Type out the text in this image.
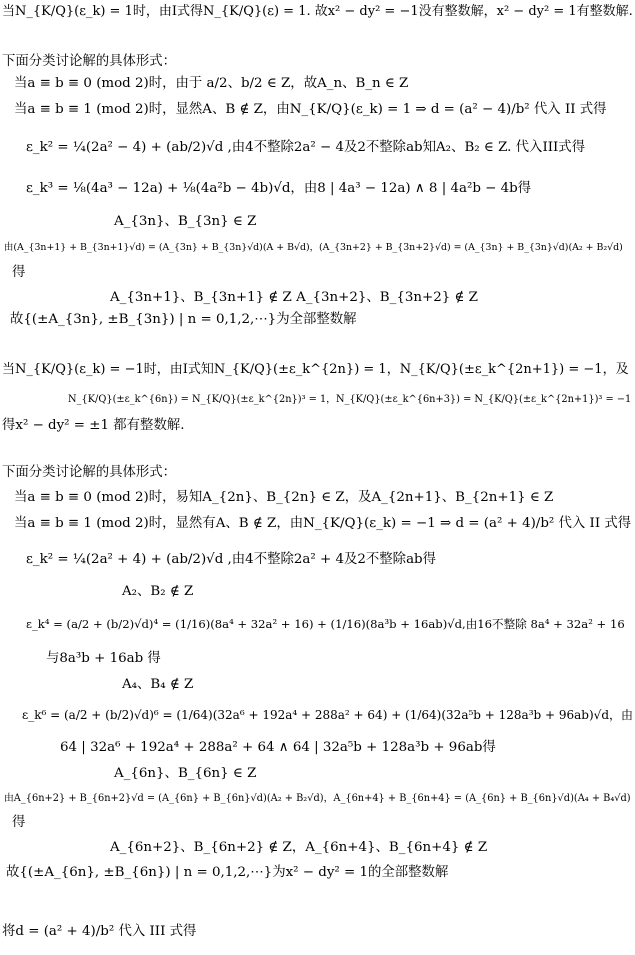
当N_{K/Q}(ε_k) = 1时，由I式得N_{K/Q}(ε) = 1. 故x² − dy² = −1没有整数解，x² − dy² = 1有整数解.
下面分类讨论解的具体形式：
当a ≡ b ≡ 0 (mod 2)时，由于 a/2、b/2 ∈ Z，故A_n、B_n ∈ Z
当a ≡ b ≡ 1 (mod 2)时，显然A、B ∉ Z，由N_{K/Q}(ε_k) = 1 ⇒ d = (a² − 4)/b² 代入 II 式得
ε_k² = ¼(2a² − 4) + (ab/2)√d ,由4不整除2a² − 4及2不整除ab知A₂、B₂ ∈ Z. 代入III式得
ε_k³ = ⅛(4a³ − 12a) + ⅛(4a²b − 4b)√d，由8 | 4a³ − 12a) ∧ 8 | 4a²b − 4b得
A_{3n}、B_{3n} ∈ Z
由(A_{3n+1} + B_{3n+1}√d) = (A_{3n} + B_{3n}√d)(A + B√d)，(A_{3n+2} + B_{3n+2}√d) = (A_{3n} + B_{3n}√d)(A₂ + B₂√d)
得
A_{3n+1}、B_{3n+1} ∉ Z A_{3n+2}、B_{3n+2} ∉ Z
故{(±A_{3n}, ±B_{3n}) | n = 0,1,2,⋯}为全部整数解
当N_{K/Q}(ε_k) = −1时，由I式知N_{K/Q}(±ε_k^{2n}) = 1，N_{K/Q}(±ε_k^{2n+1}) = −1，及
N_{K/Q}(±ε_k^{6n}) = N_{K/Q}(±ε_k^{2n})³ = 1，N_{K/Q}(±ε_k^{6n+3}) = N_{K/Q}(±ε_k^{2n+1})³ = −1
得x² − dy² = ±1 都有整数解.
下面分类讨论解的具体形式：
当a ≡ b ≡ 0 (mod 2)时，易知A_{2n}、B_{2n} ∈ Z，及A_{2n+1}、B_{2n+1} ∈ Z
当a ≡ b ≡ 1 (mod 2)时，显然有A、B ∉ Z，由N_{K/Q}(ε_k) = −1 ⇒ d = (a² + 4)/b² 代入 II 式得
ε_k² = ¼(2a² + 4) + (ab/2)√d ,由4不整除2a² + 4及2不整除ab得
A₂、B₂ ∉ Z
ε_k⁴ = (a/2 + (b/2)√d)⁴ = (1/16)(8a⁴ + 32a² + 16) + (1/16)(8a³b + 16ab)√d,由16不整除 8a⁴ + 32a² + 16
与8a³b + 16ab 得
A₄、B₄ ∉ Z
ε_k⁶ = (a/2 + (b/2)√d)⁶ = (1/64)(32a⁶ + 192a⁴ + 288a² + 64) + (1/64)(32a⁵b + 128a³b + 96ab)√d，由
64 | 32a⁶ + 192a⁴ + 288a² + 64 ∧ 64 | 32a⁵b + 128a³b + 96ab得
A_{6n}、B_{6n} ∈ Z
由A_{6n+2} + B_{6n+2}√d = (A_{6n} + B_{6n}√d)(A₂ + B₂√d)，A_{6n+4} + B_{6n+4} = (A_{6n} + B_{6n}√d)(A₄ + B₄√d)
得
A_{6n+2}、B_{6n+2} ∉ Z，A_{6n+4}、B_{6n+4} ∉ Z
故{(±A_{6n}, ±B_{6n}) | n = 0,1,2,⋯}为x² − dy² = 1的全部整数解
将d = (a² + 4)/b² 代入 III 式得
